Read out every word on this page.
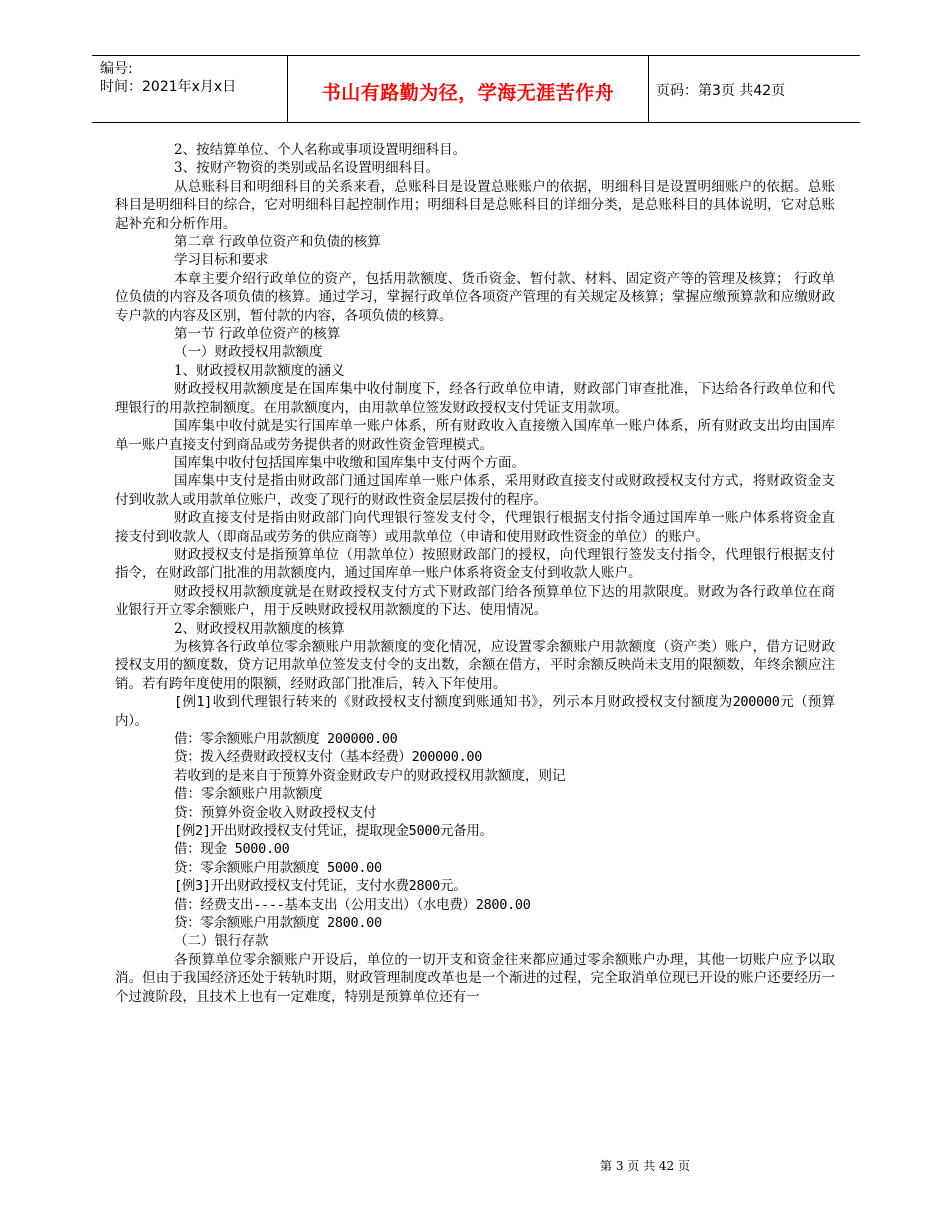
编号:
时间：2021年x月x日	书山有路勤为径，学海无涯苦作舟	页码：第3页 共42页

2、按结算单位、个人名称或事项设置明细科目。

3、按财产物资的类别或品名设置明细科目。

从总账科目和明细科目的关系来看，总账科目是设置总账账户的依据，明细科目是设置明细账户的依据。总账科目是明细科目的综合，它对明细科目起控制作用；明细科目是总账科目的详细分类，是总账科目的具体说明，它对总账起补充和分析作用。

第二章 行政单位资产和负债的核算

学习目标和要求

本章主要介绍行政单位的资产，包括用款额度、货币资金、暂付款、材料、固定资产等的管理及核算； 行政单位负债的内容及各项负债的核算。通过学习，掌握行政单位各项资产管理的有关规定及核算；掌握应缴预算款和应缴财政专户款的内容及区别，暂付款的内容，各项负债的核算。

第一节 行政单位资产的核算

（一）财政授权用款额度

1、财政授权用款额度的涵义

财政授权用款额度是在国库集中收付制度下，经各行政单位申请，财政部门审查批准，下达给各行政单位和代理银行的用款控制额度。在用款额度内，由用款单位签发财政授权支付凭证支用款项。

国库集中收付就是实行国库单一账户体系，所有财政收入直接缴入国库单一账户体系，所有财政支出均由国库单一账户直接支付到商品或劳务提供者的财政性资金管理模式。

国库集中收付包括国库集中收缴和国库集中支付两个方面。

国库集中支付是指由财政部门通过国库单一账户体系，采用财政直接支付或财政授权支付方式，将财政资金支付到收款人或用款单位账户，改变了现行的财政性资金层层拨付的程序。

财政直接支付是指由财政部门向代理银行签发支付令，代理银行根据支付指令通过国库单一账户体系将资金直接支付到收款人（即商品或劳务的供应商等）或用款单位（申请和使用财政性资金的单位）的账户。

财政授权支付是指预算单位（用款单位）按照财政部门的授权，向代理银行签发支付指令，代理银行根据支付指令，在财政部门批准的用款额度内，通过国库单一账户体系将资金支付到收款人账户。

财政授权用款额度就是在财政授权支付方式下财政部门给各预算单位下达的用款限度。财政为各行政单位在商业银行开立零余额账户，用于反映财政授权用款额度的下达、使用情况。

2、财政授权用款额度的核算

为核算各行政单位零余额账户用款额度的变化情况，应设置零余额账户用款额度（资产类）账户，借方记财政授权支用的额度数，贷方记用款单位签发支付令的支出数，余额在借方，平时余额反映尚未支用的限额数，年终余额应注销。若有跨年度使用的限额，经财政部门批准后，转入下年使用。

[例1]收到代理银行转来的《财政授权支付额度到账通知书》，列示本月财政授权支付额度为200000元（预算内）。

借：零余额账户用款额度 200000.00

贷：拨入经费财政授权支付（基本经费）200000.00

若收到的是来自于预算外资金财政专户的财政授权用款额度，则记

借：零余额账户用款额度

贷：预算外资金收入财政授权支付

[例2]开出财政授权支付凭证，提取现金5000元备用。

借：现金 5000.00

贷：零余额账户用款额度 5000.00

[例3]开出财政授权支付凭证，支付水费2800元。

借：经费支出----基本支出（公用支出）（水电费）2800.00

贷：零余额账户用款额度 2800.00

（二）银行存款

各预算单位零余额账户开设后，单位的一切开支和资金往来都应通过零余额账户办理，其他一切账户应予以取消。但由于我国经济还处于转轨时期，财政管理制度改革也是一个渐进的过程，完全取消单位现已开设的账户还要经历一个过渡阶段，且技术上也有一定难度，特别是预算单位还有一

第 3 页 共 42 页
